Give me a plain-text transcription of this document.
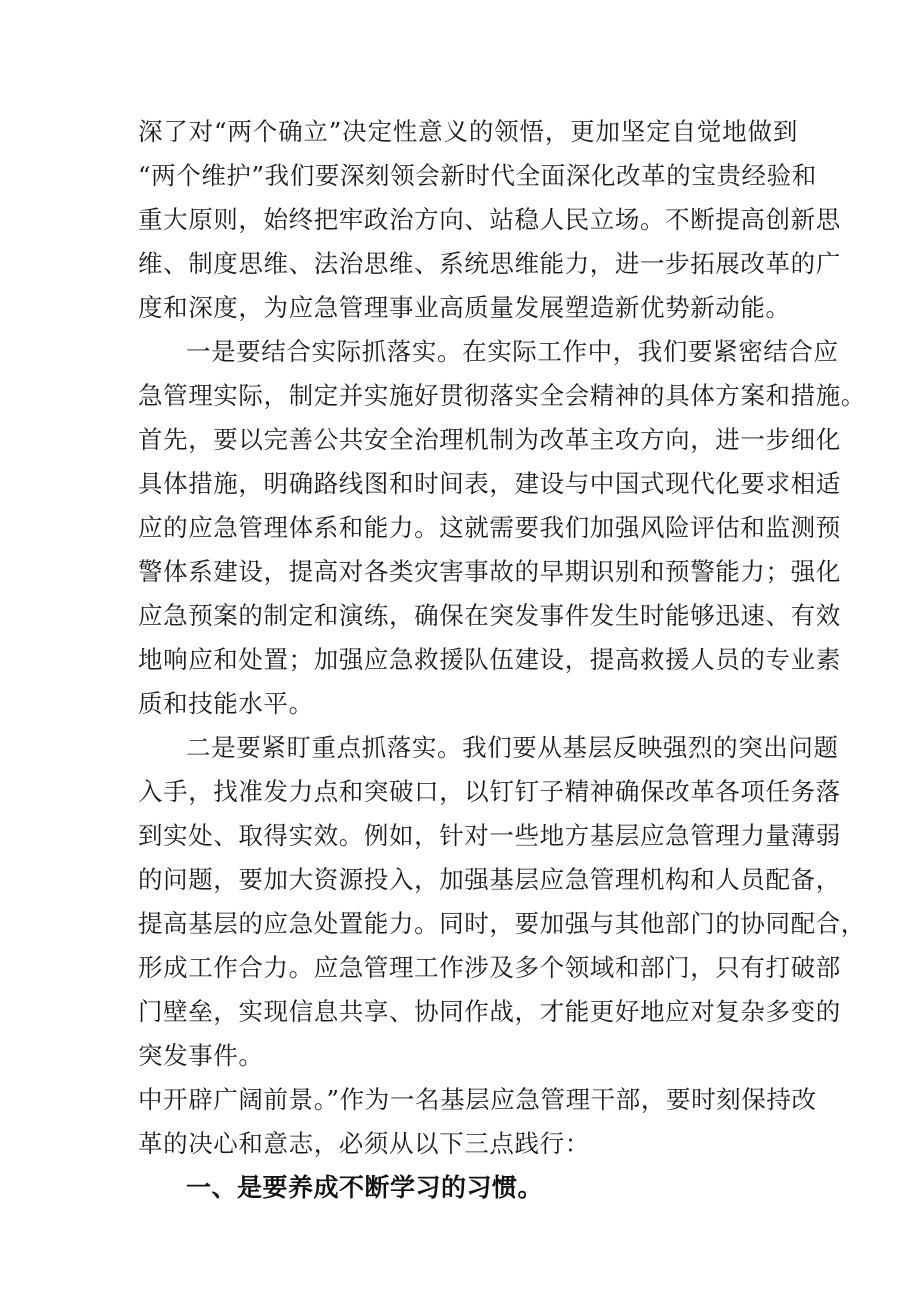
深了对“两个确立”决定性意义的领悟，更加坚定自觉地做到
“两个维护”我们要深刻领会新时代全面深化改革的宝贵经验和
重大原则，始终把牢政治方向、站稳人民立场。不断提高创新思
维、制度思维、法治思维、系统思维能力，进一步拓展改革的广
度和深度，为应急管理事业高质量发展塑造新优势新动能。
一是要结合实际抓落实。在实际工作中，我们要紧密结合应
急管理实际，制定并实施好贯彻落实全会精神的具体方案和措施。
首先，要以完善公共安全治理机制为改革主攻方向，进一步细化
具体措施，明确路线图和时间表，建设与中国式现代化要求相适
应的应急管理体系和能力。这就需要我们加强风险评估和监测预
警体系建设，提高对各类灾害事故的早期识别和预警能力；强化
应急预案的制定和演练，确保在突发事件发生时能够迅速、有效
地响应和处置；加强应急救援队伍建设，提高救援人员的专业素
质和技能水平。
二是要紧盯重点抓落实。我们要从基层反映强烈的突出问题
入手，找准发力点和突破口，以钉钉子精神确保改革各项任务落
到实处、取得实效。例如，针对一些地方基层应急管理力量薄弱
的问题，要加大资源投入，加强基层应急管理机构和人员配备，
提高基层的应急处置能力。同时，要加强与其他部门的协同配合，
形成工作合力。应急管理工作涉及多个领域和部门，只有打破部
门壁垒，实现信息共享、协同作战，才能更好地应对复杂多变的
突发事件。
中开辟广阔前景。”作为一名基层应急管理干部，要时刻保持改
革的决心和意志，必须从以下三点践行：
一、是要养成不断学习的习惯。
